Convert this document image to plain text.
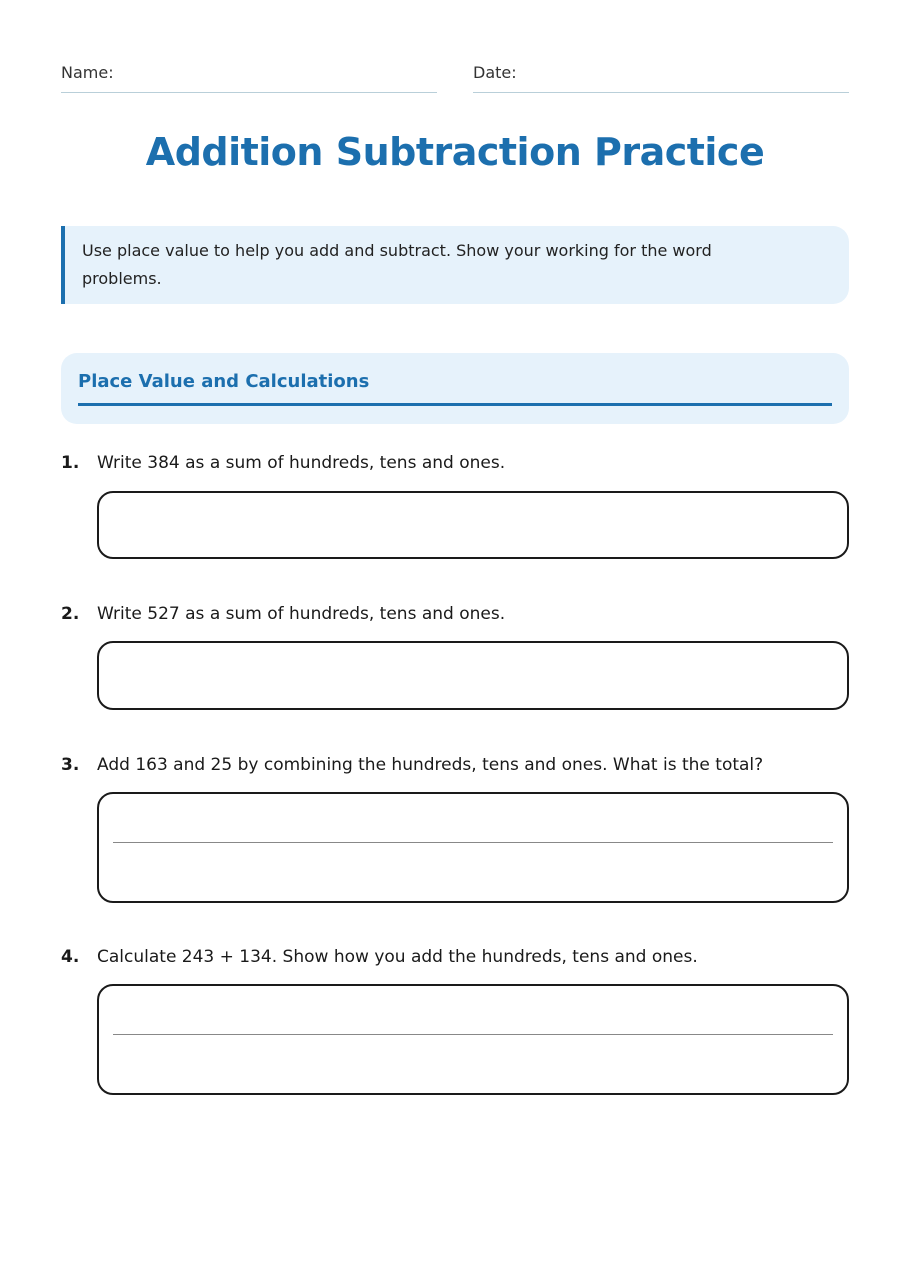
Name:	Date:
Addition Subtraction Practice
Use place value to help you add and subtract. Show your working for the word problems.
Place Value and Calculations
1. Write 384 as a sum of hundreds, tens and ones.
2. Write 527 as a sum of hundreds, tens and ones.
3. Add 163 and 25 by combining the hundreds, tens and ones. What is the total?
4. Calculate 243 + 134. Show how you add the hundreds, tens and ones.
